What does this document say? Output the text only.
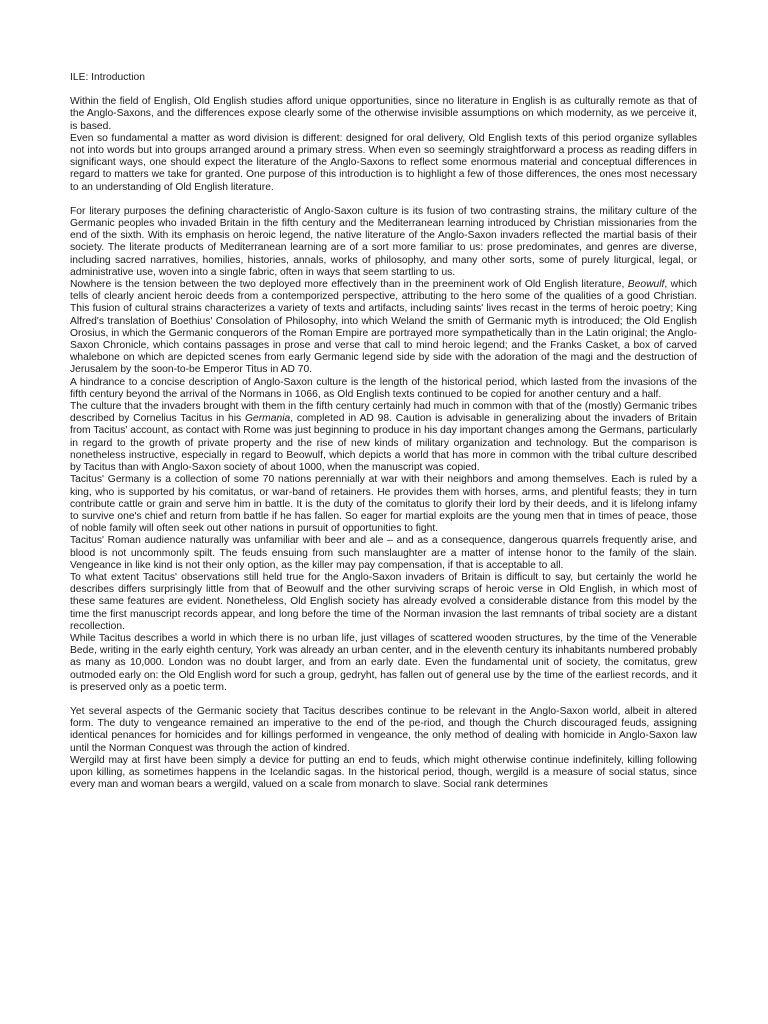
ILE: Introduction

Within the field of English, Old English studies afford unique opportunities, since no literature in English is as culturally remote as that of the Anglo-Saxons, and the differences expose clearly some of the otherwise invisible assumptions on which modernity, as we perceive it, is based.

Even so fundamental a matter as word division is different: designed for oral delivery, Old English texts of this period organize syllables not into words but into groups arranged around a primary stress. When even so seemingly straightforward a process as reading differs in significant ways, one should expect the literature of the Anglo-Saxons to reflect some enormous material and conceptual differences in regard to matters we take for granted. One purpose of this introduction is to highlight a few of those differences, the ones most necessary to an understanding of Old English literature.

For literary purposes the defining characteristic of Anglo-Saxon culture is its fusion of two contrasting strains, the military culture of the Germanic peoples who invaded Britain in the fifth century and the Mediterranean learning introduced by Christian missionaries from the end of the sixth. With its emphasis on heroic legend, the native literature of the Anglo-Saxon invaders reflected the martial basis of their society. The literate products of Mediterranean learning are of a sort more familiar to us: prose predominates, and genres are diverse, including sacred narratives, homilies, histories, annals, works of philosophy, and many other sorts, some of purely liturgical, legal, or administrative use, woven into a single fabric, often in ways that seem startling to us.

Nowhere is the tension between the two deployed more effectively than in the preeminent work of Old English literature, Beowulf, which tells of clearly ancient heroic deeds from a contemporized perspective, attributing to the hero some of the qualities of a good Christian. This fusion of cultural strains characterizes a variety of texts and artifacts, including saints' lives recast in the terms of heroic poetry; King Alfred's translation of Boethius' Consolation of Philosophy, into which Weland the smith of Germanic myth is introduced; the Old English Orosius, in which the Germanic conquerors of the Roman Empire are portrayed more sympathetically than in the Latin original; the Anglo-Saxon Chronicle, which contains passages in prose and verse that call to mind heroic legend; and the Franks Casket, a box of carved whalebone on which are depicted scenes from early Germanic legend side by side with the adoration of the magi and the destruction of Jerusalem by the soon-to-be Emperor Titus in AD 70.

A hindrance to a concise description of Anglo-Saxon culture is the length of the historical period, which lasted from the invasions of the fifth century beyond the arrival of the Normans in 1066, as Old English texts continued to be copied for another century and a half.

The culture that the invaders brought with them in the fifth century certainly had much in common with that of the (mostly) Germanic tribes described by Cornelius Tacitus in his Germania, completed in AD 98. Caution is advisable in generalizing about the invaders of Britain from Tacitus' account, as contact with Rome was just beginning to produce in his day important changes among the Germans, particularly in regard to the growth of private property and the rise of new kinds of military organization and technology. But the comparison is nonetheless instructive, especially in regard to Beowulf, which depicts a world that has more in common with the tribal culture described by Tacitus than with Anglo-Saxon society of about 1000, when the manuscript was copied.

Tacitus' Germany is a collection of some 70 nations perennially at war with their neighbors and among themselves. Each is ruled by a king, who is supported by his comitatus, or war-band of retainers. He provides them with horses, arms, and plentiful feasts; they in turn contribute cattle or grain and serve him in battle. It is the duty of the comitatus to glorify their lord by their deeds, and it is lifelong infamy to survive one's chief and return from battle if he has fallen. So eager for martial exploits are the young men that in times of peace, those of noble family will often seek out other nations in pursuit of opportunities to fight.

Tacitus' Roman audience naturally was unfamiliar with beer and ale – and as a consequence, dangerous quarrels frequently arise, and blood is not uncommonly spilt. The feuds ensuing from such manslaughter are a matter of intense honor to the family of the slain. Vengeance in like kind is not their only option, as the killer may pay compensation, if that is acceptable to all.

To what extent Tacitus' observations still held true for the Anglo-Saxon invaders of Britain is difficult to say, but certainly the world he describes differs surprisingly little from that of Beowulf and the other surviving scraps of heroic verse in Old English, in which most of these same features are evident. Nonetheless, Old English society has already evolved a considerable distance from this model by the time the first manuscript records appear, and long before the time of the Norman invasion the last remnants of tribal society are a distant recollection.

While Tacitus describes a world in which there is no urban life, just villages of scattered wooden structures, by the time of the Venerable Bede, writing in the early eighth century, York was already an urban center, and in the eleventh century its inhabitants numbered probably as many as 10,000. London was no doubt larger, and from an early date. Even the fundamental unit of society, the comitatus, grew outmoded early on: the Old English word for such a group, gedryht, has fallen out of general use by the time of the earliest records, and it is preserved only as a poetic term.

Yet several aspects of the Germanic society that Tacitus describes continue to be relevant in the Anglo-Saxon world, albeit in altered form. The duty to vengeance remained an imperative to the end of the pe-riod, and though the Church discouraged feuds, assigning identical penances for homicides and for killings performed in vengeance, the only method of dealing with homicide in Anglo-Saxon law until the Norman Conquest was through the action of kindred.

Wergild may at first have been simply a device for putting an end to feuds, which might otherwise continue indefinitely, killing following upon killing, as sometimes happens in the Icelandic sagas. In the historical period, though, wergild is a measure of social status, since every man and woman bears a wergild, valued on a scale from monarch to slave. Social rank determines
